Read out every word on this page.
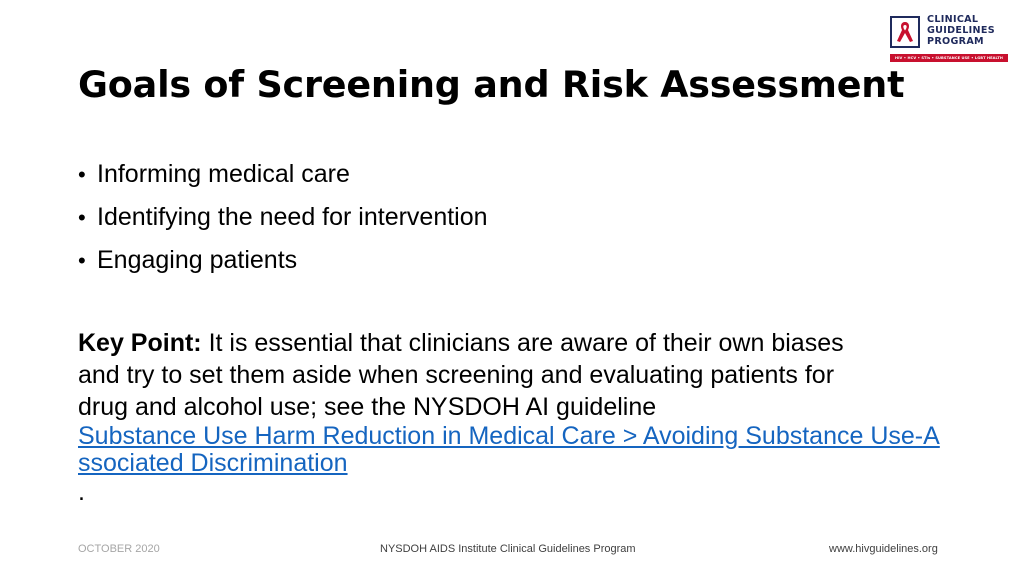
CLINICAL
GUIDELINES
PROGRAM
HIV • HCV • STIs • SUBSTANCE USE • LGBT HEALTH
Goals of Screening and Risk Assessment
• Informing medical care
• Identifying the need for intervention
• Engaging patients
Key Point: It is essential that clinicians are aware of their own biases
and try to set them aside when screening and evaluating patients for
drug and alcohol use; see the NYSDOH AI guideline
Substance Use Harm Reduction in Medical Care > Avoiding Substance Use-Associated Discrimination
.
OCTOBER 2020	NYSDOH AIDS Institute Clinical Guidelines Program	www.hivguidelines.org
